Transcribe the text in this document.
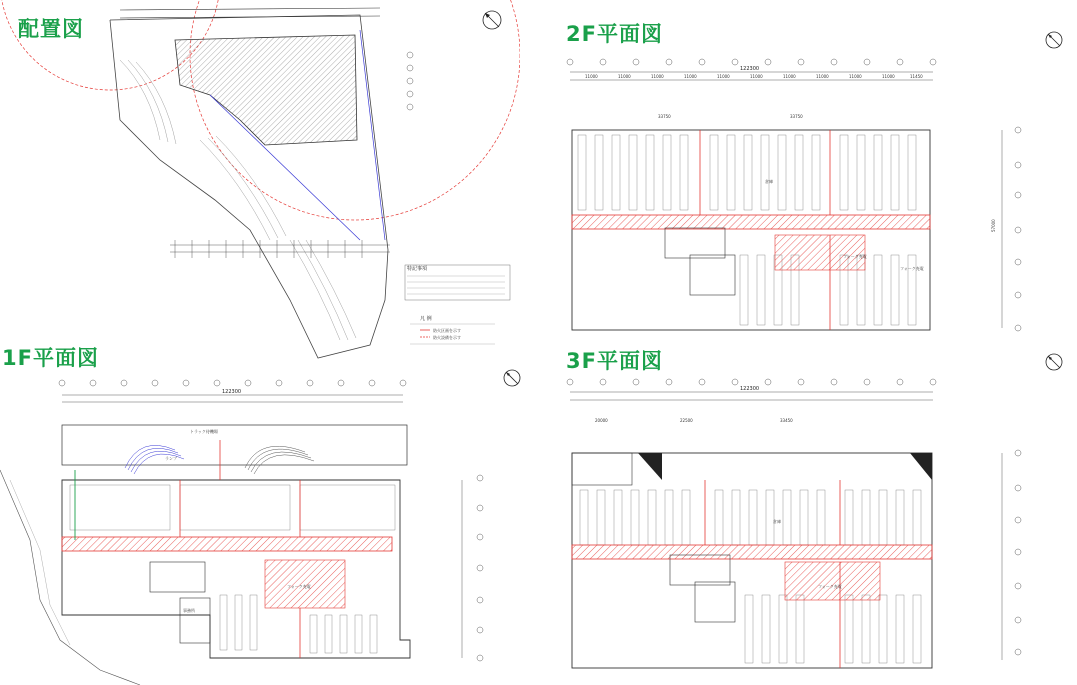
特記事項
凡 例
防火区画を示す
防火設備を示す
配置図
122300
11000	11000	11000	11000	11000	11000	11000	11000	11000	11000	11450
33750	33750
フォーク充電
倉庫
フォーク充電
57000
2F平面図
122300
トラック待機場
ランプ
事務所
フォーク充電
1F平面図
122300
20000	22500	33450
倉庫
フォーク充電
3F平面図
